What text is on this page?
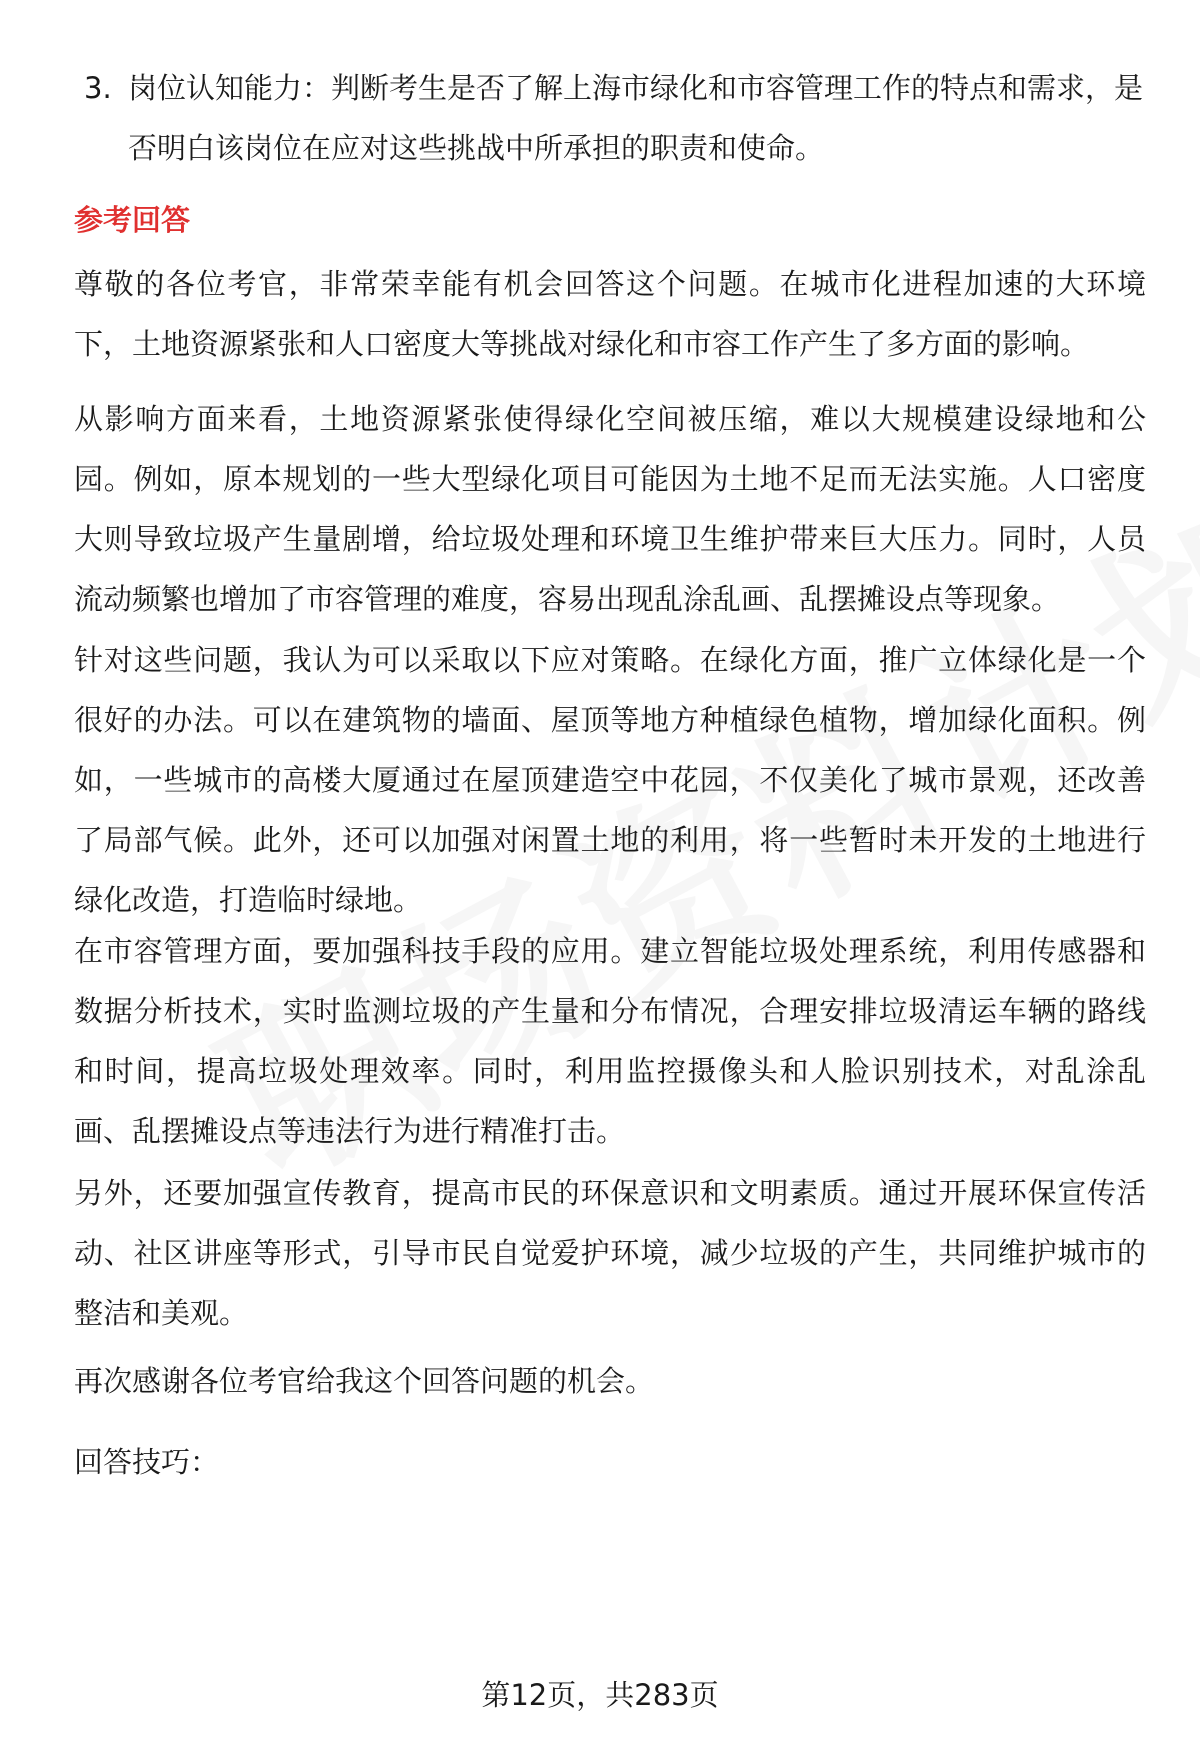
3. 岗位认知能力：判断考生是否了解上海市绿化和市容管理工作的特点和需求，是否明白该岗位在应对这些挑战中所承担的职责和使命。
参考回答

尊敬的各位考官，非常荣幸能有机会回答这个问题。在城市化进程加速的大环境下，土地资源紧张和人口密度大等挑战对绿化和市容工作产生了多方面的影响。

从影响方面来看，土地资源紧张使得绿化空间被压缩，难以大规模建设绿地和公园。例如，原本规划的一些大型绿化项目可能因为土地不足而无法实施。人口密度大则导致垃圾产生量剧增，给垃圾处理和环境卫生维护带来巨大压力。同时，人员流动频繁也增加了市容管理的难度，容易出现乱涂乱画、乱摆摊设点等现象。

针对这些问题，我认为可以采取以下应对策略。在绿化方面，推广立体绿化是一个很好的办法。可以在建筑物的墙面、屋顶等地方种植绿色植物，增加绿化面积。例如，一些城市的高楼大厦通过在屋顶建造空中花园，不仅美化了城市景观，还改善了局部气候。此外，还可以加强对闲置土地的利用，将一些暂时未开发的土地进行绿化改造，打造临时绿地。

在市容管理方面，要加强科技手段的应用。建立智能垃圾处理系统，利用传感器和数据分析技术，实时监测垃圾的产生量和分布情况，合理安排垃圾清运车辆的路线和时间，提高垃圾处理效率。同时，利用监控摄像头和人脸识别技术，对乱涂乱画、乱摆摊设点等违法行为进行精准打击。

另外，还要加强宣传教育，提高市民的环保意识和文明素质。通过开展环保宣传活动、社区讲座等形式，引导市民自觉爱护环境，减少垃圾的产生，共同维护城市的整洁和美观。

再次感谢各位考官给我这个回答问题的机会。

回答技巧：

第12页，共283页
